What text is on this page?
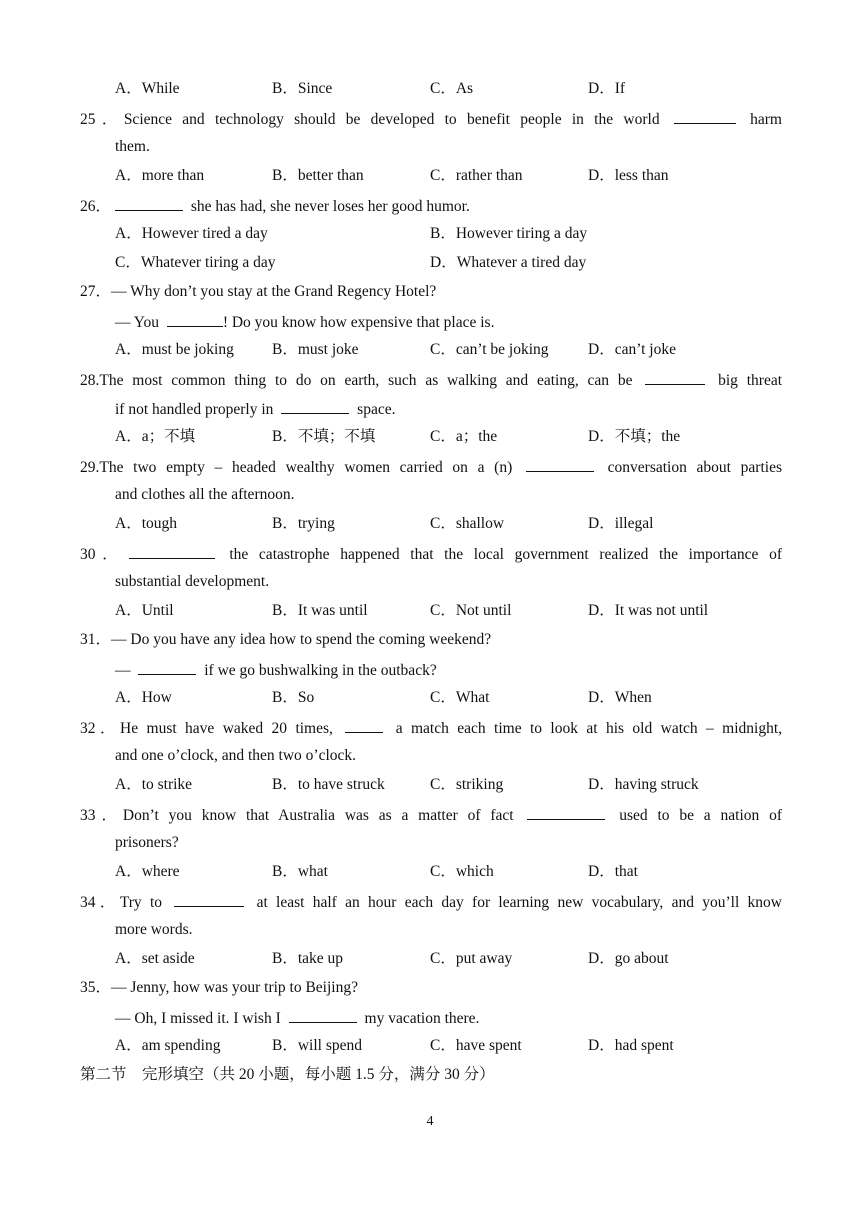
A．While	B．Since	C．As	D．If
25．Science and technology should be developed to benefit people in the world	harm
them.
A．more than	B．better than	C．rather than	D．less than
26．	she has had, she never loses her good humor.
A．However tired a day	B．However tiring a day
C．Whatever tiring a day	D．Whatever a tired day
27．— Why don’t you stay at the Grand Regency Hotel?
— You	! Do you know how expensive that place is.
A．must be joking B．must joke	C．can’t be joking	D．can’t joke
28.The most common thing to do on earth, such as walking and eating, can be	big threat
if not handled properly in	space.
A．a；不填	B．不填；不填	C．a；the	D．不填；the
29.The two empty – headed wealthy women carried on a (n)	conversation about parties
and clothes all the afternoon.
A．tough	B．trying	C．shallow	D．illegal
30．	the catastrophe happened that the local government realized the importance of
substantial development.
A．Until	B．It was until	C．Not until	D．It was not until
31．— Do you have any idea how to spend the coming weekend?
—	if we go bushwalking in the outback?
A．How	B．So	C．What	D．When
32．He must have waked 20 times,	a match each time to look at his old watch – midnight,
and one o’clock, and then two o’clock.
A．to strike	B．to have struck	C．striking	D．having struck
33．Don’t you know that Australia was as a matter of fact	used to be a nation of
prisoners?
A．where	B．what	C．which	D．that
34．Try to	at least half an hour each day for learning new vocabulary, and you’ll know
more words.
A．set aside	B．take up	C．put away	D．go about
35．— Jenny, how was your trip to Beijing?
— Oh, I missed it. I wish I	my vacation there.
A．am spending	B．will spend	C．have spent	D．had spent
第二节　完形填空（共 20 小题，每小题 1.5 分，满分 30 分）
4
